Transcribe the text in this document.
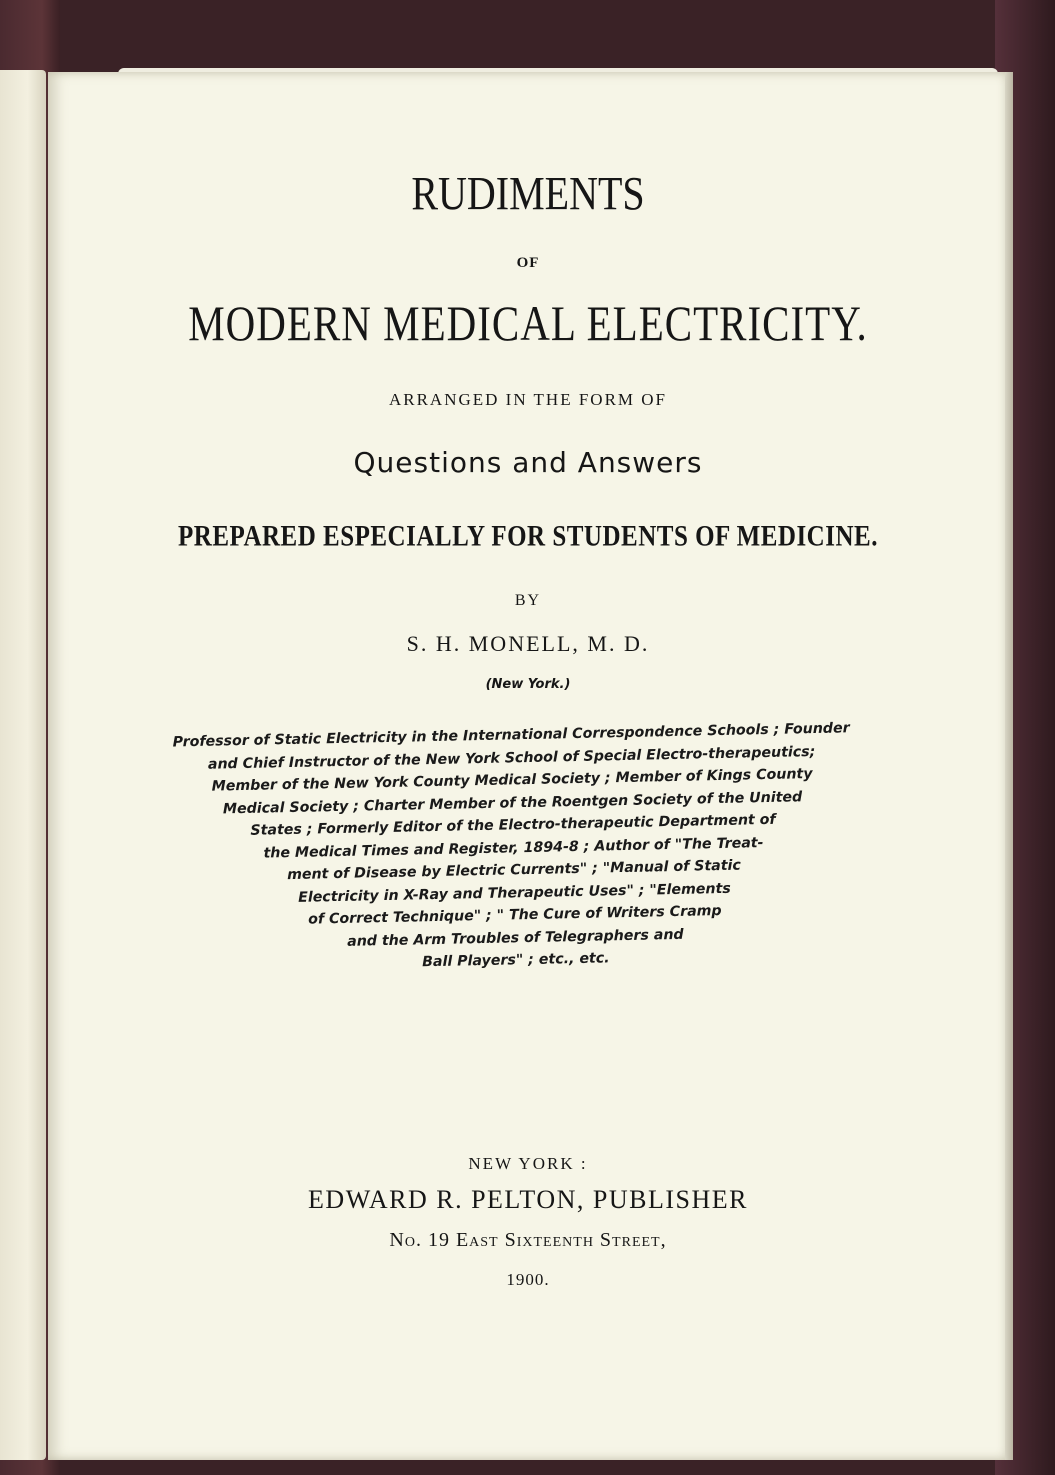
RUDIMENTS
OF
MODERN MEDICAL ELECTRICITY.
ARRANGED IN THE FORM OF
Questions and Answers
PREPARED ESPECIALLY FOR STUDENTS OF MEDICINE.
BY
S. H. MONELL, M. D.
(New York.)
Professor of Static Electricity in the International Correspondence Schools ; Founder
and Chief Instructor of the New York School of Special Electro-therapeutics;
Member of the New York County Medical Society ; Member of Kings County
Medical Society ; Charter Member of the Roentgen Society of the United
States ; Formerly Editor of the Electro-therapeutic Department of
the Medical Times and Register, 1894-8 ; Author of "The Treat-
ment of Disease by Electric Currents" ; "Manual of Static
Electricity in X-Ray and Therapeutic Uses" ; "Elements
of Correct Technique" ; " The Cure of Writers Cramp
and the Arm Troubles of Telegraphers and
Ball Players" ; etc., etc.
NEW YORK :
EDWARD R. PELTON, PUBLISHER
No. 19 East Sixteenth Street,
1900.
